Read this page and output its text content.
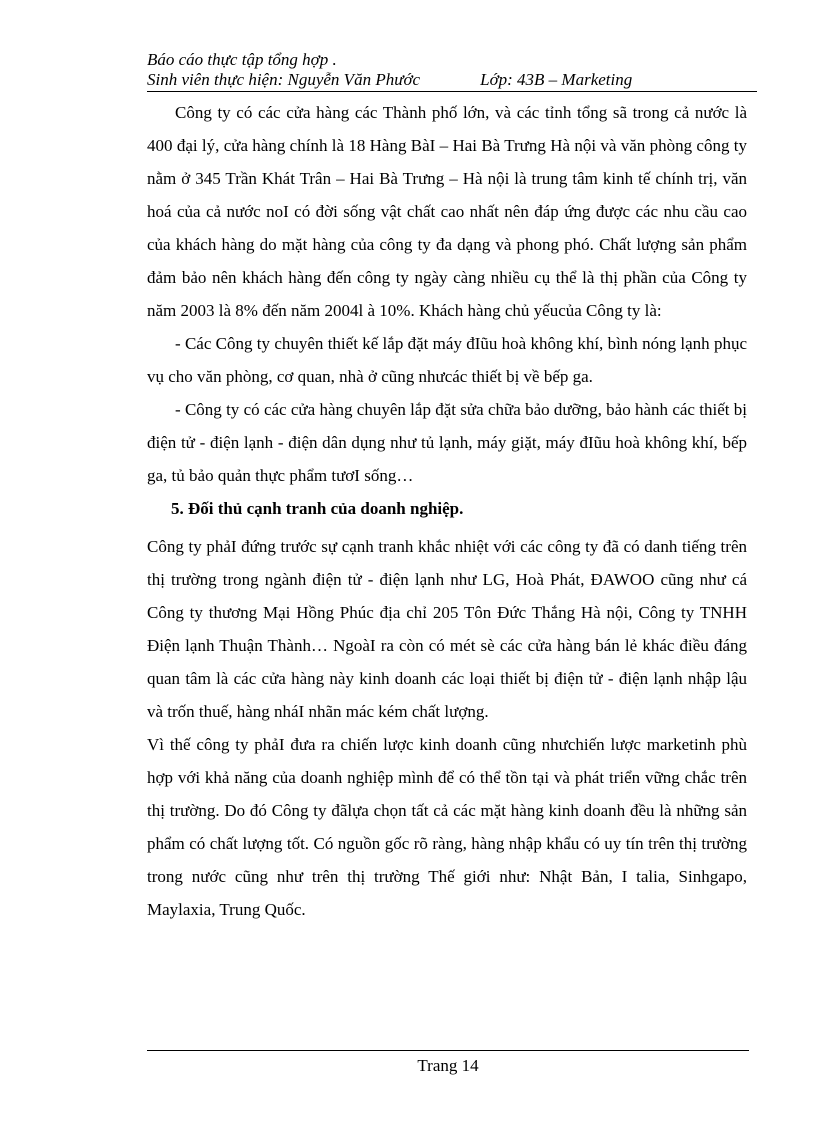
Báo cáo thực tập tổng hợp .
Sinh viên thực hiện: Nguyễn Văn Phước	Lớp: 43B – Marketing

Công ty có các cửa hàng các Thành phố lớn, và các tỉnh tổng sã trong cả nước là 400 đại lý, cửa hàng chính là 18 Hàng BàI – Hai Bà Trưng Hà nội và văn phòng công ty nằm ở 345 Trần Khát Trân – Hai Bà Trưng – Hà nội là trung tâm kinh tế chính trị, văn hoá của cả nước noI có đời sống vật chất cao nhất nên đáp ứng được các nhu cầu cao của khách hàng do mặt hàng của công ty đa dạng và phong phó. Chất lượng sản phẩm đảm bảo nên khách hàng đến công ty ngày càng nhiều cụ thể là thị phần của Công ty năm 2003 là 8% đến năm 2004l à 10%. Khách hàng chủ yếucủa Công ty là:

- Các Công ty chuyên thiết kế lắp đặt máy đIũu hoà không khí, bình nóng lạnh phục vụ cho văn phòng, cơ quan, nhà ở cũng nhưcác thiết bị về bếp ga.

- Công ty có các cửa hàng chuyên lắp đặt sửa chữa bảo dưỡng, bảo hành các thiết bị điện tử - điện lạnh - điện dân dụng như tủ lạnh, máy giặt, máy đIũu hoà không khí, bếp ga, tủ bảo quản thực phẩm tươI sống…

5. Đối thủ cạnh tranh của doanh nghiệp.

Công ty phảI đứng trước sự cạnh tranh khắc nhiệt với các công ty đã có danh tiếng trên thị trường trong ngành điện tử - điện lạnh như LG, Hoà Phát, ĐAWOO cũng như cá Công ty thương Mại Hồng Phúc địa chỉ 205 Tôn Đức Thắng Hà nội, Công ty TNHH Điện lạnh Thuận Thành… NgoàI ra còn có mét sè các cửa hàng bán lẻ khác điều đáng quan tâm là các cửa hàng này kinh doanh các loại thiết bị điện tử - điện lạnh nhập lậu và trốn thuế, hàng nháI nhãn mác kém chất lượng.

Vì thế công ty phảI đưa ra chiến lược kinh doanh cũng nhưchiến lược marketinh phù hợp với khả năng của doanh nghiệp mình để có thể tồn tại và phát triển vững chắc trên thị trường. Do đó Công ty đãlựa chọn tất cả các mặt hàng kinh doanh đều là những sản phẩm có chất lượng tốt. Có nguồn gốc rõ ràng, hàng nhập khẩu có uy tín trên thị trường trong nước cũng như trên thị trường Thế giới như: Nhật Bản, I talia, Sinhgapo, Maylaxia, Trung Quốc.

Trang 14
